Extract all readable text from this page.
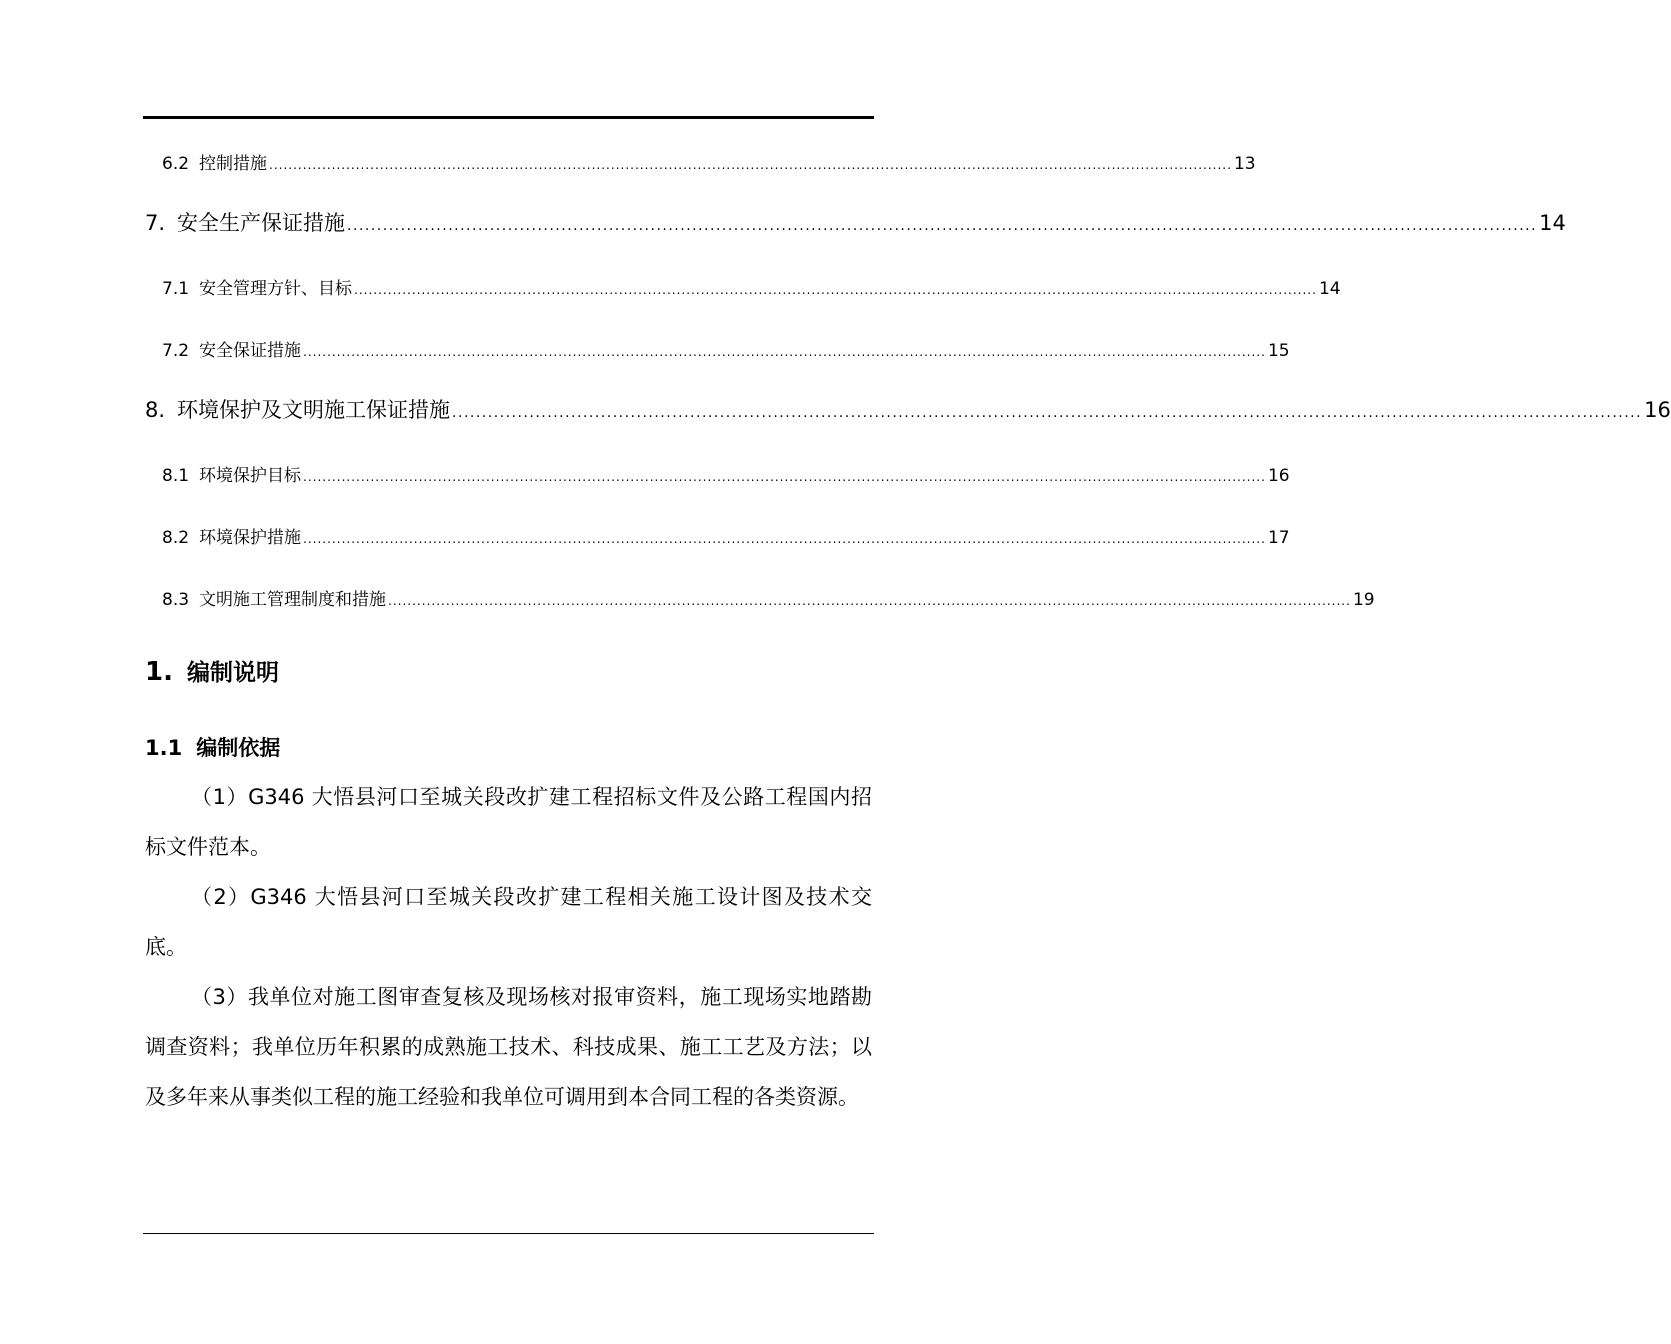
6.2 控制措施 ........................................................................................................................................................................................................ 13
7. 安全生产保证措施 ........................................................................................................................................................................................................ 14
7.1 安全管理方针、目标 ........................................................................................................................................................................................................ 14
7.2 安全保证措施 ........................................................................................................................................................................................................ 15
8. 环境保护及文明施工保证措施 ........................................................................................................................................................................................................ 16
8.1 环境保护目标 ........................................................................................................................................................................................................ 16
8.2 环境保护措施 ........................................................................................................................................................................................................ 17
8.3 文明施工管理制度和措施 ........................................................................................................................................................................................................ 19
1. 编制说明
1.1 编制依据

（1）G346 大悟县河口至城关段改扩建工程招标文件及公路工程国内招标文件范本。

（2）G346 大悟县河口至城关段改扩建工程相关施工设计图及技术交底。

（3）我单位对施工图审查复核及现场核对报审资料，施工现场实地踏勘调查资料；我单位历年积累的成熟施工技术、科技成果、施工工艺及方法；以及多年来从事类似工程的施工经验和我单位可调用到本合同工程的各类资源。
